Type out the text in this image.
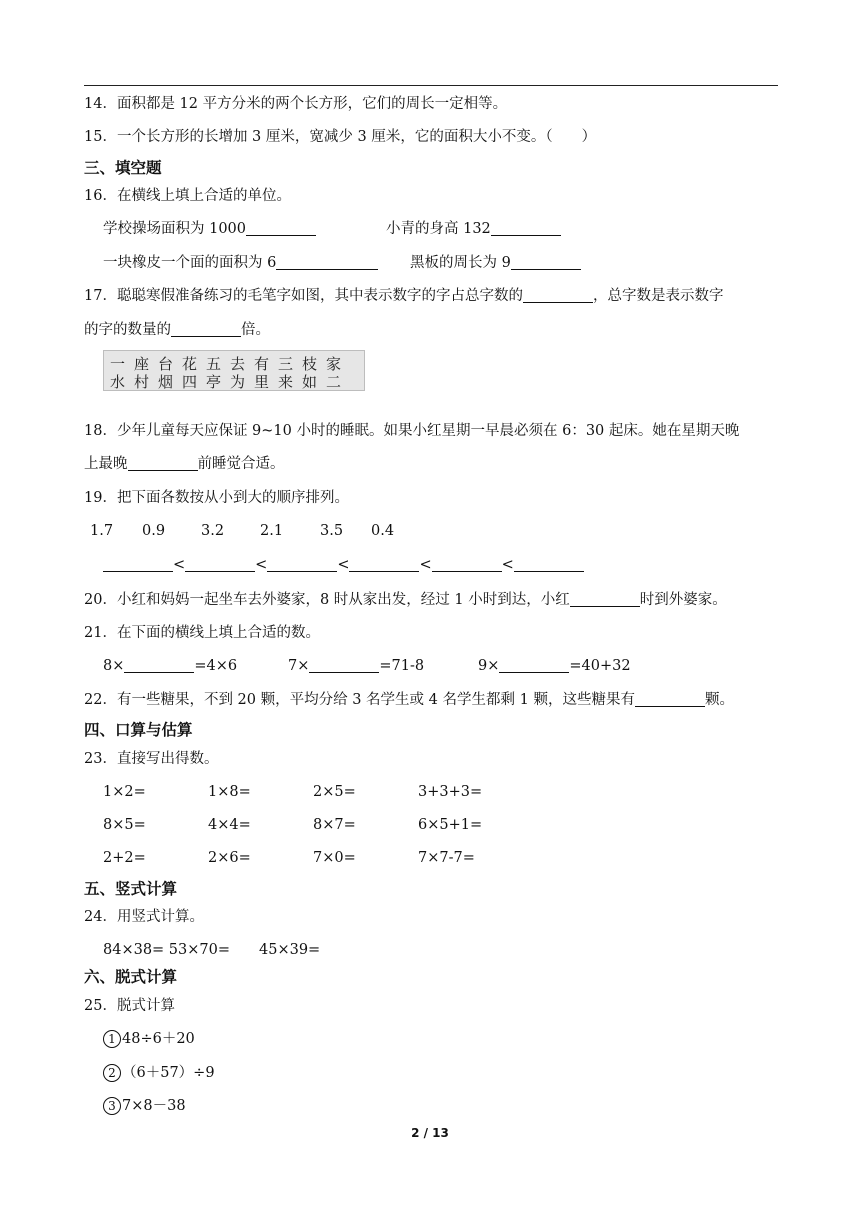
14．面积都是 12 平方分米的两个长方形，它们的周长一定相等。
15．一个长方形的长增加 3 厘米，宽减少 3 厘米，它的面积大小不变。（　　）
三、填空题
16．在横线上填上合适的单位。
学校操场面积为 1000	小青的身高 132
一块橡皮一个面的面积为 6	黑板的周长为 9
17．聪聪寒假准备练习的毛笔字如图，其中表示数字的字占总字数的	，总字数是表示数字
的字的数量的	倍。
一座台花五去有三枝家
水村烟四亭为里来如二
18．少年儿童每天应保证 9~10 小时的睡眠。如果小红星期一早晨必须在 6：30 起床。她在星期天晚
上最晚	前睡觉合适。
19．把下面各数按从小到大的顺序排列。
1.7 0.9 3.2 2.1	3.5 0.4
<	<	<	<	<
20．小红和妈妈一起坐车去外婆家，8 时从家出发，经过 1 小时到达，小红	时到外婆家。
21．在下面的横线上填上合适的数。
8×	=4×6	7×	=71-8	9×	=40+32
22．有一些糖果，不到 20 颗，平均分给 3 名学生或 4 名学生都剩 1 颗，这些糖果有	颗。
四、口算与估算
23．直接写出得数。
1×2=	1×8=	2×5=	3+3+3=
8×5=	4×4=	8×7=	6×5+1=
2+2=	2×6=	7×0=	7×7-7=
五、竖式计算
24．用竖式计算。
84×38= 53×70=　　45×39=
六、脱式计算
25．脱式计算
1 48÷6＋20
2 （6＋57）÷9
3 7×8－38
2 / 13
